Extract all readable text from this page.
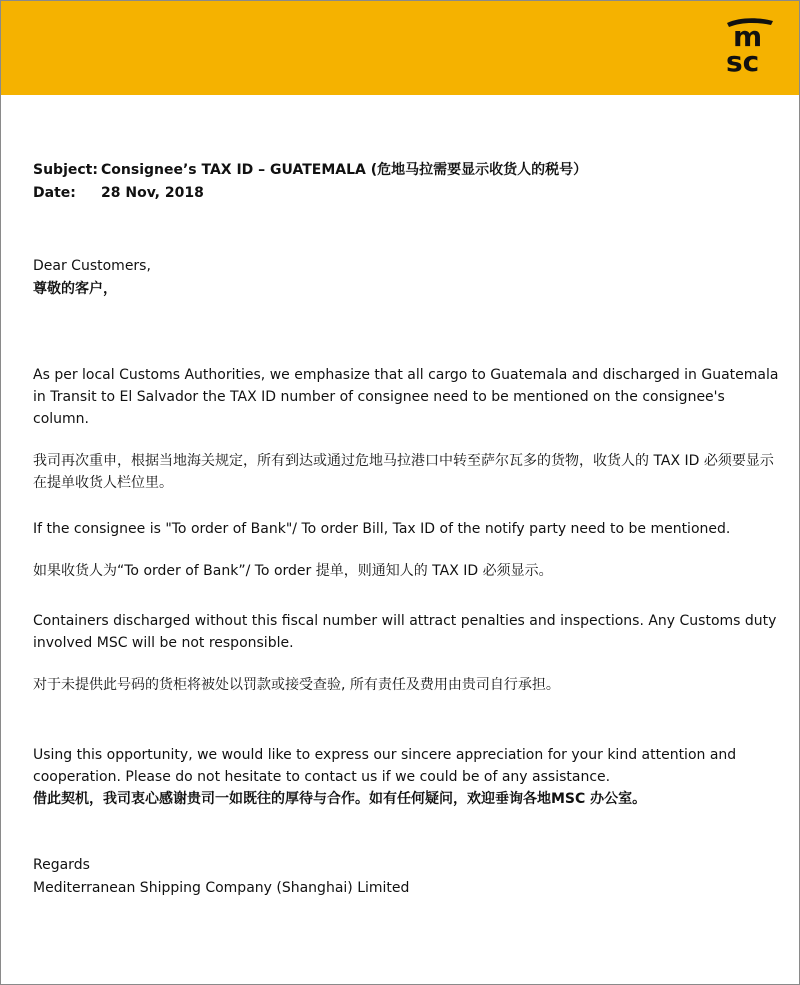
m
sc
Subject: Consignee’s TAX ID – GUATEMALA (危地马拉需要显示收货人的税号）
Date: 28 Nov, 2018
Dear Customers,
尊敬的客户，
As per local Customs Authorities, we emphasize that all cargo to Guatemala and discharged in Guatemala in Transit to El Salvador the TAX ID number of consignee need to be mentioned on the consignee's column.
我司再次重申，根据当地海关规定，所有到达或通过危地马拉港口中转至萨尔瓦多的货物，收货人的 TAX ID 必须要显示在提单收货人栏位里。
If the consignee is "To order of Bank"/ To order Bill, Tax ID of the notify party need to be mentioned.
如果收货人为“To order of Bank”/ To order 提单，则通知人的 TAX ID 必须显示。
Containers discharged without this fiscal number will attract penalties and inspections. Any Customs duty involved MSC will be not responsible.
对于未提供此号码的货柜将被处以罚款或接受查验, 所有责任及费用由贵司自行承担。
Using this opportunity, we would like to express our sincere appreciation for your kind attention and cooperation. Please do not hesitate to contact us if we could be of any assistance.
借此契机，我司衷心感谢贵司一如既往的厚待与合作。如有任何疑问，欢迎垂询各地MSC 办公室。
Regards
Mediterranean Shipping Company (Shanghai) Limited
